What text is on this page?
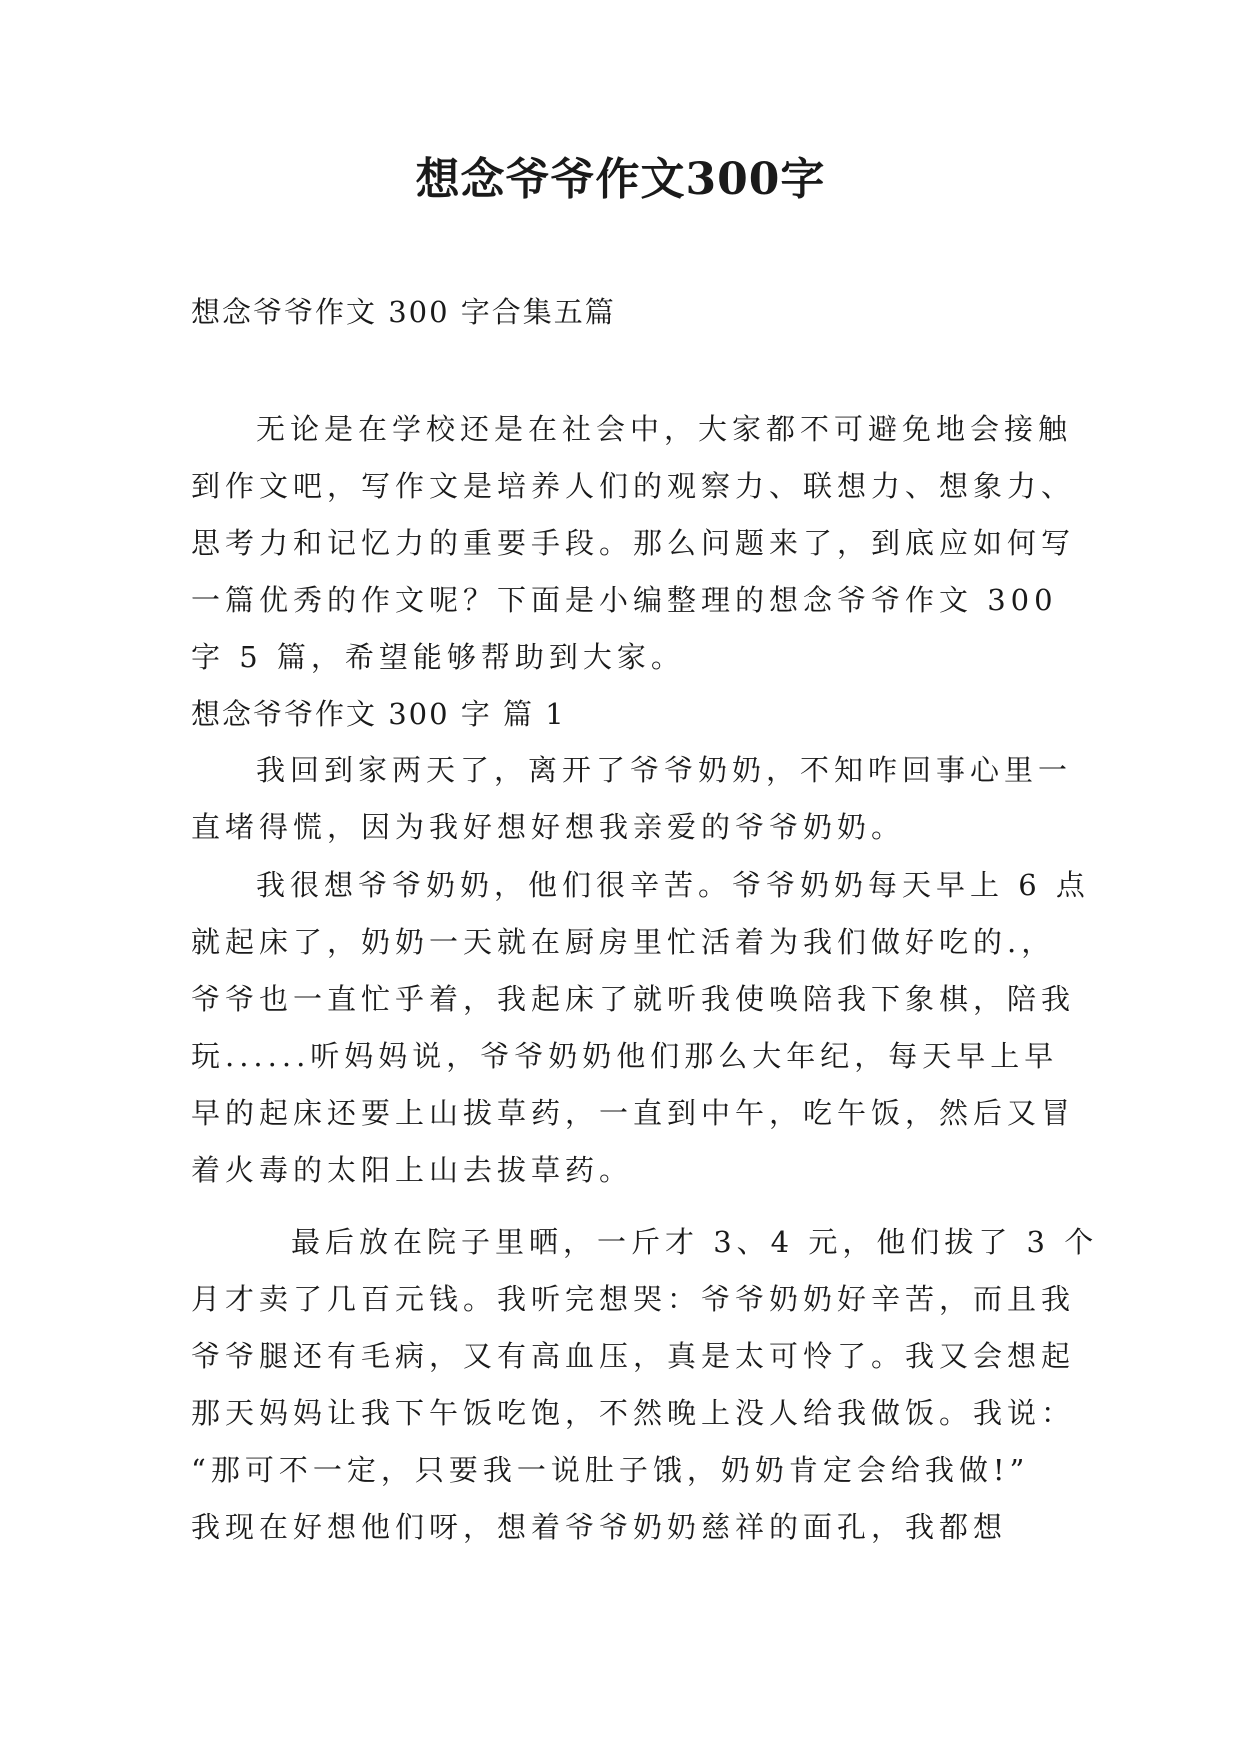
想念爷爷作文300字
想念爷爷作文 300 字合集五篇
无论是在学校还是在社会中，大家都不可避免地会接触
到作文吧，写作文是培养人们的观察力、联想力、想象力、
思考力和记忆力的重要手段。那么问题来了，到底应如何写
一篇优秀的作文呢？下面是小编整理的想念爷爷作文 300
字 5 篇，希望能够帮助到大家。
想念爷爷作文 300 字 篇 1
我回到家两天了，离开了爷爷奶奶，不知咋回事心里一
直堵得慌，因为我好想好想我亲爱的爷爷奶奶。
我很想爷爷奶奶，他们很辛苦。爷爷奶奶每天早上 6 点
就起床了，奶奶一天就在厨房里忙活着为我们做好吃的.，
爷爷也一直忙乎着，我起床了就听我使唤陪我下象棋，陪我
玩......听妈妈说，爷爷奶奶他们那么大年纪，每天早上早
早的起床还要上山拔草药，一直到中午，吃午饭，然后又冒
着火毒的太阳上山去拔草药。
最后放在院子里晒，一斤才 3、4 元，他们拔了 3 个
月才卖了几百元钱。我听完想哭：爷爷奶奶好辛苦，而且我
爷爷腿还有毛病，又有高血压，真是太可怜了。我又会想起
那天妈妈让我下午饭吃饱，不然晚上没人给我做饭。我说：
“那可不一定，只要我一说肚子饿，奶奶肯定会给我做!”
我现在好想他们呀，想着爷爷奶奶慈祥的面孔，我都想
